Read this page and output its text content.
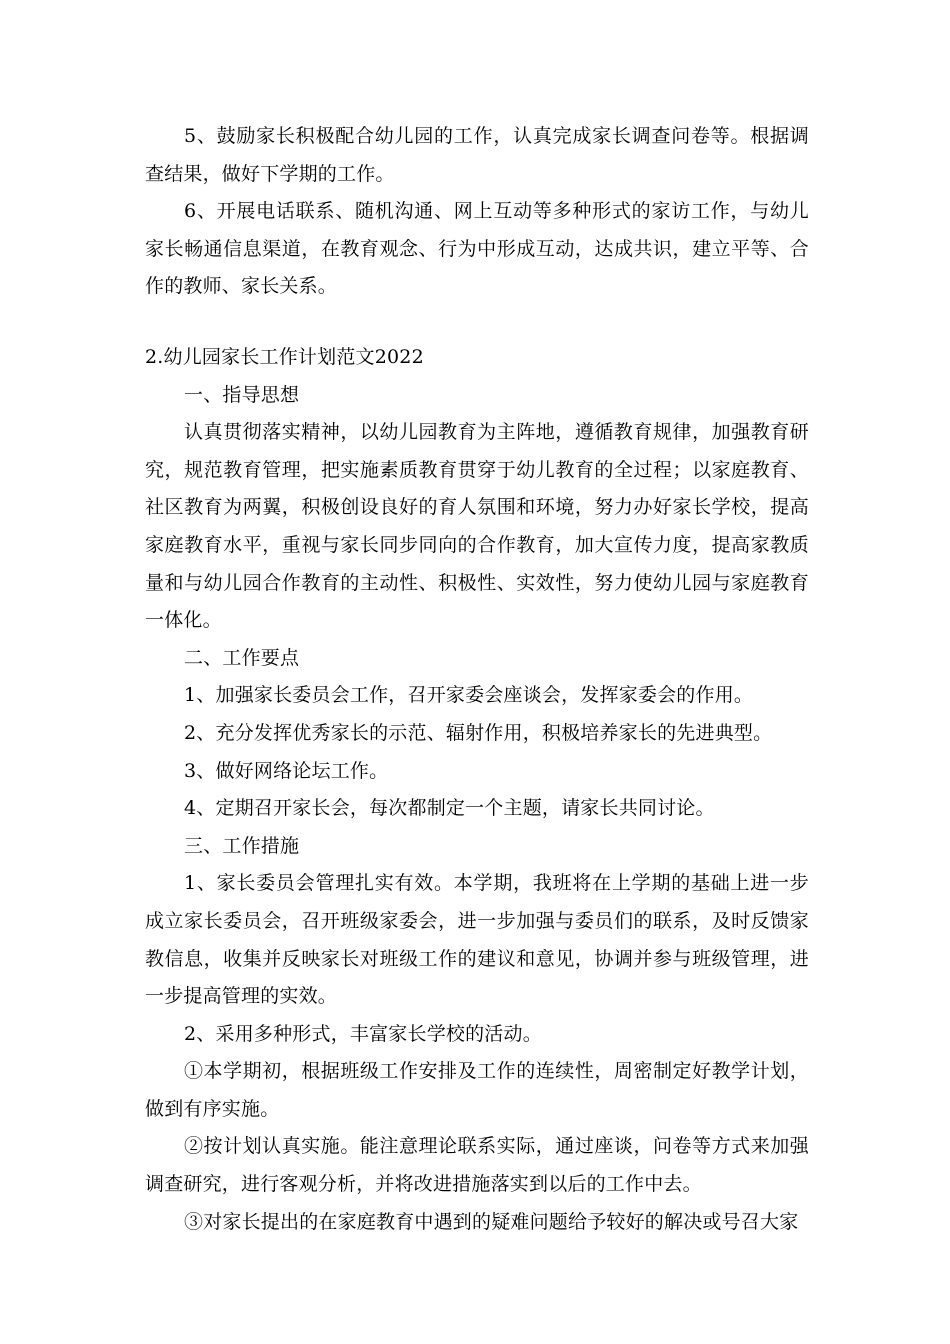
5、鼓励家长积极配合幼儿园的工作，认真完成家长调查问卷等。根据调查结果，做好下学期的工作。

6、开展电话联系、随机沟通、网上互动等多种形式的家访工作，与幼儿家长畅通信息渠道，在教育观念、行为中形成互动，达成共识，建立平等、合作的教师、家长关系。

2.幼儿园家长工作计划范文2022

一、指导思想

认真贯彻落实精神，以幼儿园教育为主阵地，遵循教育规律，加强教育研究，规范教育管理，把实施素质教育贯穿于幼儿教育的全过程；以家庭教育、社区教育为两翼，积极创设良好的育人氛围和环境，努力办好家长学校，提高家庭教育水平，重视与家长同步同向的合作教育，加大宣传力度，提高家教质量和与幼儿园合作教育的主动性、积极性、实效性，努力使幼儿园与家庭教育一体化。

二、工作要点

1、加强家长委员会工作，召开家委会座谈会，发挥家委会的作用。

2、充分发挥优秀家长的示范、辐射作用，积极培养家长的先进典型。

3、做好网络论坛工作。

4、定期召开家长会，每次都制定一个主题，请家长共同讨论。

三、工作措施

1、家长委员会管理扎实有效。本学期，我班将在上学期的基础上进一步成立家长委员会，召开班级家委会，进一步加强与委员们的联系，及时反馈家教信息，收集并反映家长对班级工作的建议和意见，协调并参与班级管理，进一步提高管理的实效。

2、采用多种形式，丰富家长学校的活动。

①本学期初，根据班级工作安排及工作的连续性，周密制定好教学计划，做到有序实施。

②按计划认真实施。能注意理论联系实际，通过座谈，问卷等方式来加强调查研究，进行客观分析，并将改进措施落实到以后的工作中去。

③对家长提出的在家庭教育中遇到的疑难问题给予较好的解决或号召大家
